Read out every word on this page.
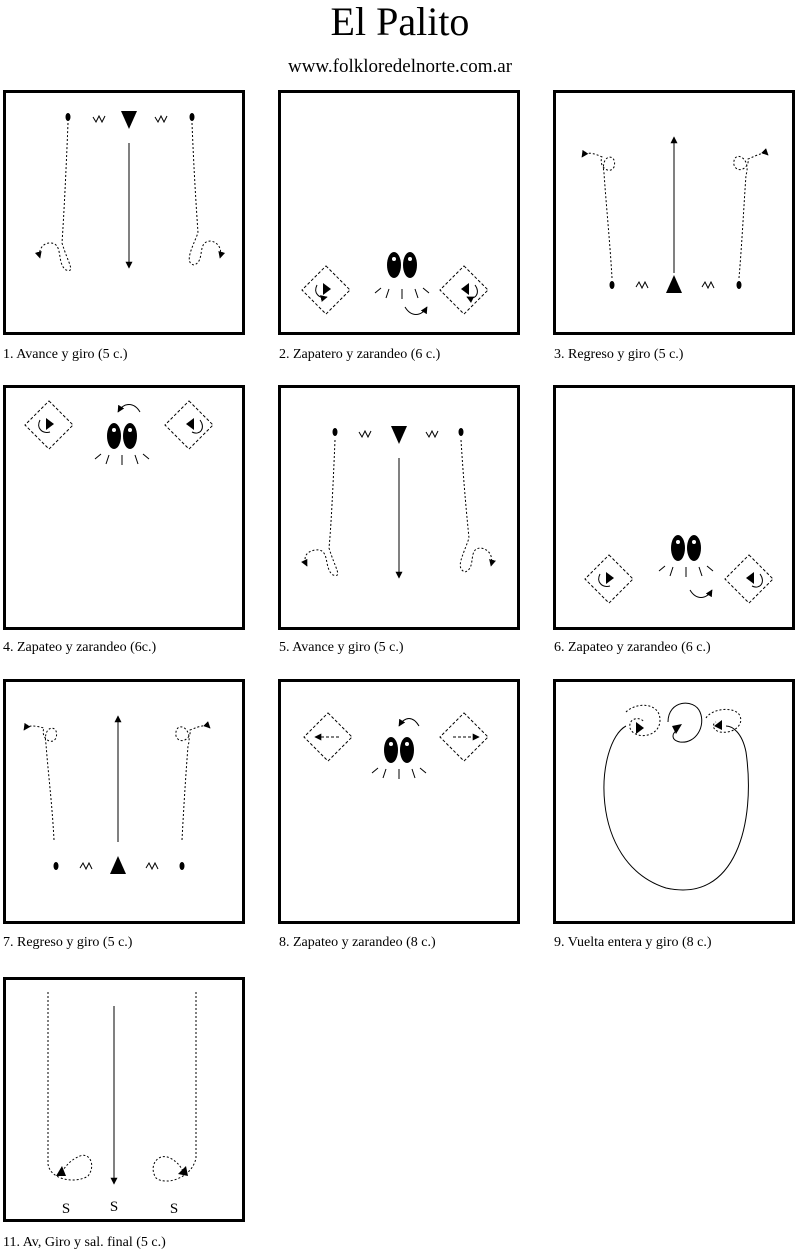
El Palito
www.folkloredelnorte.com.ar
1. Avance y giro (5 c.)	2. Zapatero y zarandeo (6 c.)	3. Regreso y giro (5 c.)
4. Zapateo y zarandeo (6c.)	5. Avance y giro (5 c.)	6. Zapateo y zarandeo (6 c.)
7. Regreso y giro (5 c.)	8. Zapateo y zarandeo (8 c.)	9. Vuelta entera y giro (8 c.)
S	S	S
11. Av, Giro y sal. final (5 c.)
